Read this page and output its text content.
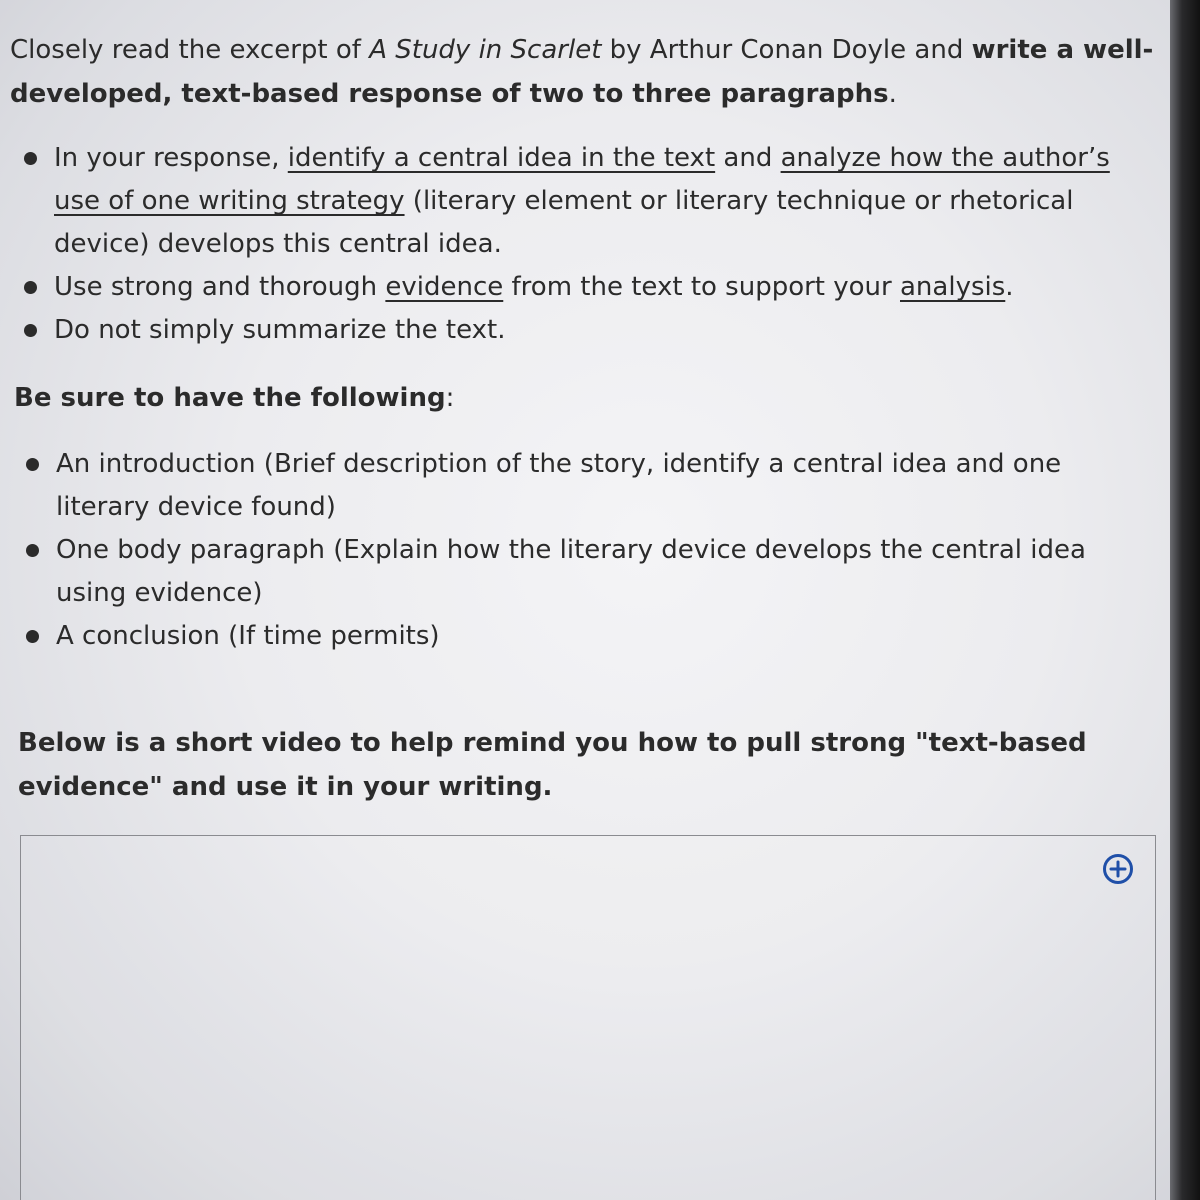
Closely read the excerpt of A Study in Scarlet by Arthur Conan Doyle and write a well-developed, text-based response of two to three paragraphs.

In your response, identify a central idea in the text and analyze how the author’s use of one writing strategy (literary element or literary technique or rhetorical device) develops this central idea.
Use strong and thorough evidence from the text to support your analysis.
Do not simply summarize the text.

Be sure to have the following:

An introduction (Brief description of the story, identify a central idea and one literary device found)
One body paragraph (Explain how the literary device develops the central idea using evidence)
A conclusion (If time permits)

Below is a short video to help remind you how to pull strong "text-based evidence" and use it in your writing.
